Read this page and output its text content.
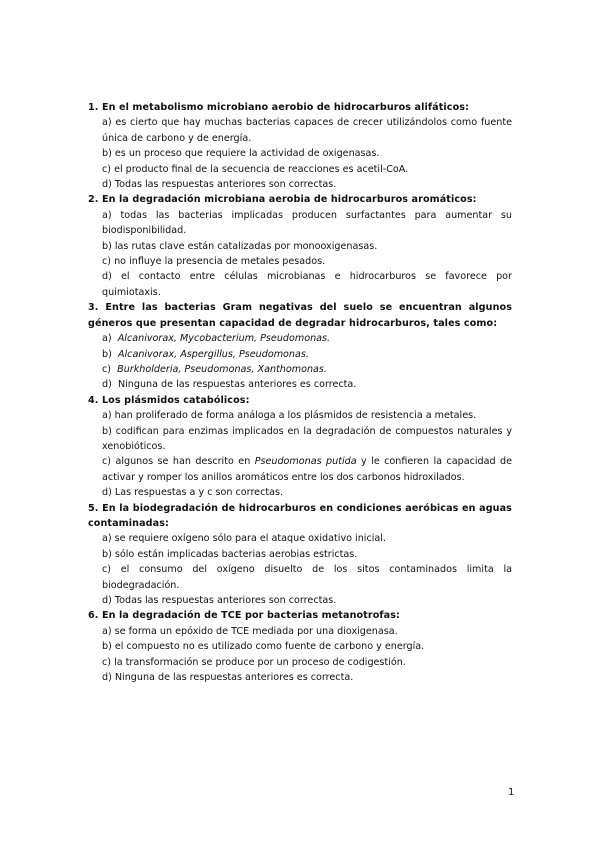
1. En el metabolismo microbiano aerobio de hidrocarburos alifáticos:
a) es cierto que hay muchas bacterias capaces de crecer utilizándolos como fuente única de carbono y de energía.
b) es un proceso que requiere la actividad de oxigenasas.
c) el producto final de la secuencia de reacciones es acetil-CoA.
d) Todas las respuestas anteriores son correctas.
2. En la degradación microbiana aerobia de hidrocarburos aromáticos:
a) todas las bacterias implicadas producen surfactantes para aumentar su biodisponibilidad.
b) las rutas clave están catalizadas por monooxigenasas.
c) no influye la presencia de metales pesados.
d) el contacto entre células microbianas e hidrocarburos se favorece por quimiotaxis.
3. Entre las bacterias Gram negativas del suelo se encuentran algunos géneros que presentan capacidad de degradar hidrocarburos, tales como:
a) Alcanivorax, Mycobacterium, Pseudomonas.
b) Alcanivorax, Aspergillus, Pseudomonas.
c) Burkholderia, Pseudomonas, Xanthomonas.
d) Ninguna de las respuestas anteriores es correcta.
4. Los plásmidos catabólicos:
a) han proliferado de forma análoga a los plásmidos de resistencia a metales.
b) codifican para enzimas implicados en la degradación de compuestos naturales y xenobióticos.
c) algunos se han descrito en Pseudomonas putida y le confieren la capacidad de activar y romper los anillos aromáticos entre los dos carbonos hidroxilados.
d) Las respuestas a y c son correctas.
5. En la biodegradación de hidrocarburos en condiciones aeróbicas en aguas contaminadas:
a) se requiere oxígeno sólo para el ataque oxidativo inicial.
b) sólo están implicadas bacterias aerobias estrictas.
c) el consumo del oxígeno disuelto de los sitos contaminados limita la biodegradación.
d) Todas las respuestas anteriores son correctas.
6. En la degradación de TCE por bacterias metanotrofas:
a) se forma un epóxido de TCE mediada por una dioxigenasa.
b) el compuesto no es utilizado como fuente de carbono y energía.
c) la transformación se produce por un proceso de codigestión.
d) Ninguna de las respuestas anteriores es correcta.
1
